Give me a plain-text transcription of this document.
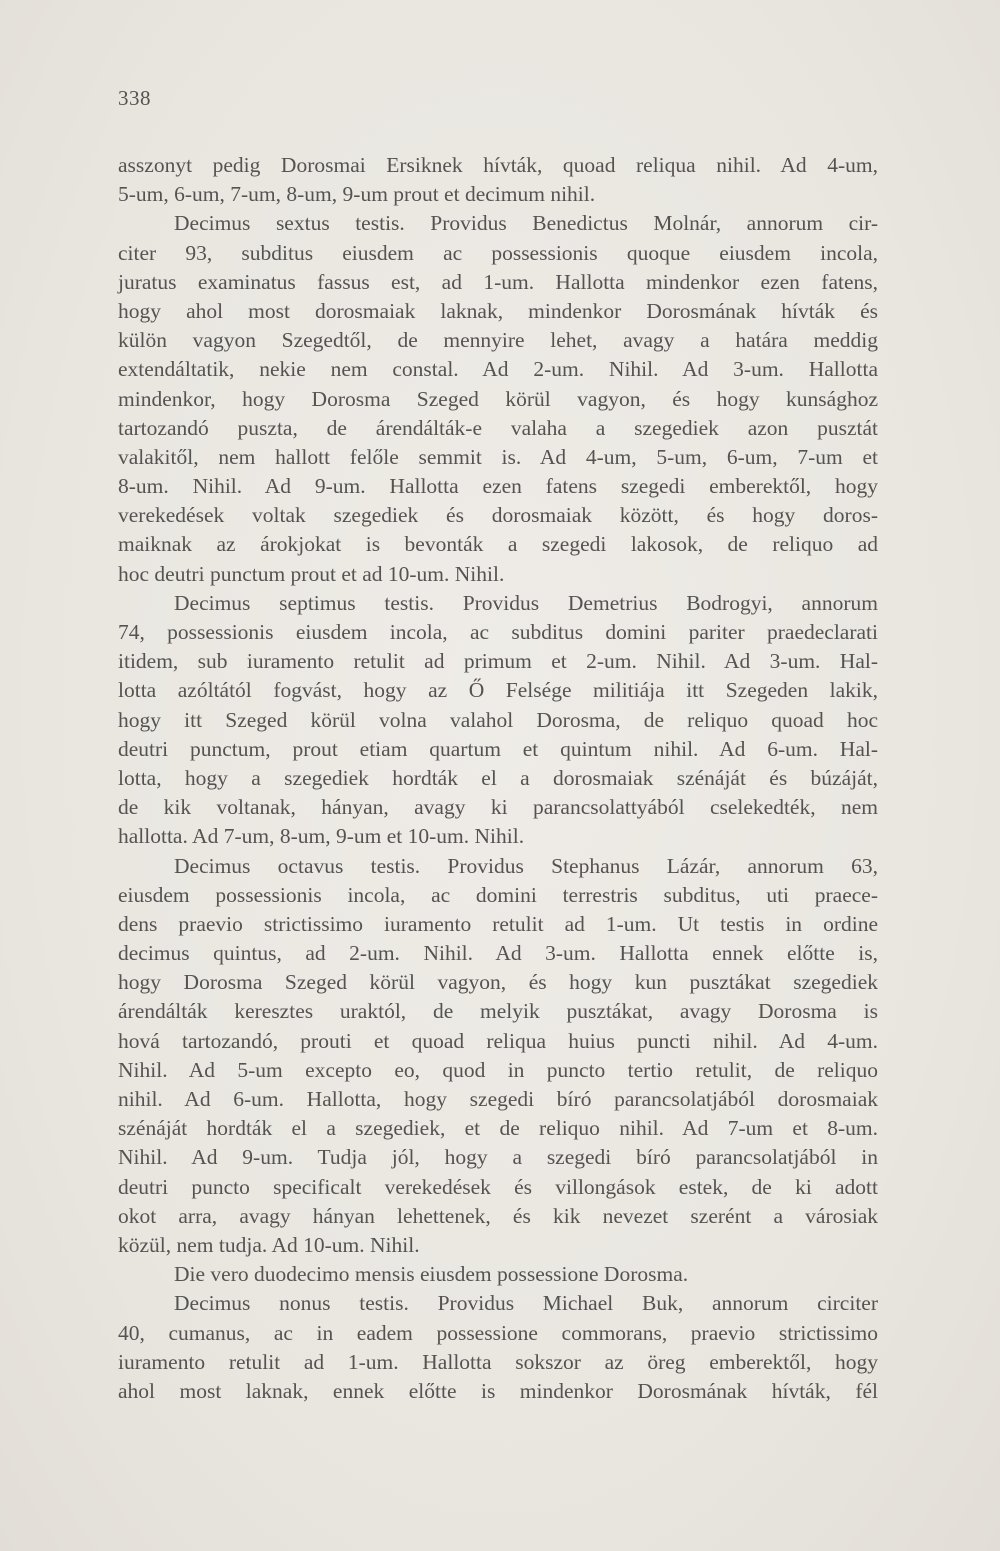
338
asszonyt pedig Dorosmai Ersiknek hívták, quoad reliqua nihil. Ad 4-um,
5-um, 6-um, 7-um, 8-um, 9-um prout et decimum nihil.
Decimus sextus testis. Providus Benedictus Molnár, annorum cir-
citer 93, subditus eiusdem ac possessionis quoque eiusdem incola,
juratus examinatus fassus est, ad 1-um. Hallotta mindenkor ezen fatens,
hogy ahol most dorosmaiak laknak, mindenkor Dorosmának hívták és
külön vagyon Szegedtől, de mennyire lehet, avagy a határa meddig
extendáltatik, nekie nem constal. Ad 2-um. Nihil. Ad 3-um. Hallotta
mindenkor, hogy Dorosma Szeged körül vagyon, és hogy kunsághoz
tartozandó puszta, de árendálták-e valaha a szegediek azon pusztát
valakitől, nem hallott felőle semmit is. Ad 4-um, 5-um, 6-um, 7-um et
8-um. Nihil. Ad 9-um. Hallotta ezen fatens szegedi emberektől, hogy
verekedések voltak szegediek és dorosmaiak között, és hogy doros-
maiknak az árokjokat is bevonták a szegedi lakosok, de reliquo ad
hoc deutri punctum prout et ad 10-um. Nihil.
Decimus septimus testis. Providus Demetrius Bodrogyi, annorum
74, possessionis eiusdem incola, ac subditus domini pariter praedeclarati
itidem, sub iuramento retulit ad primum et 2-um. Nihil. Ad 3-um. Hal-
lotta azóltától fogvást, hogy az Ő Felsége militiája itt Szegeden lakik,
hogy itt Szeged körül volna valahol Dorosma, de reliquo quoad hoc
deutri punctum, prout etiam quartum et quintum nihil. Ad 6-um. Hal-
lotta, hogy a szegediek hordták el a dorosmaiak szénáját és búzáját,
de kik voltanak, hányan, avagy ki parancsolattyából cselekedték, nem
hallotta. Ad 7-um, 8-um, 9-um et 10-um. Nihil.
Decimus octavus testis. Providus Stephanus Lázár, annorum 63,
eiusdem possessionis incola, ac domini terrestris subditus, uti praece-
dens praevio strictissimo iuramento retulit ad 1-um. Ut testis in ordine
decimus quintus, ad 2-um. Nihil. Ad 3-um. Hallotta ennek előtte is,
hogy Dorosma Szeged körül vagyon, és hogy kun pusztákat szegediek
árendálták keresztes uraktól, de melyik pusztákat, avagy Dorosma is
hová tartozandó, prouti et quoad reliqua huius puncti nihil. Ad 4-um.
Nihil. Ad 5-um excepto eo, quod in puncto tertio retulit, de reliquo
nihil. Ad 6-um. Hallotta, hogy szegedi bíró parancsolatjából dorosmaiak
szénáját hordták el a szegediek, et de reliquo nihil. Ad 7-um et 8-um.
Nihil. Ad 9-um. Tudja jól, hogy a szegedi bíró parancsolatjából in
deutri puncto specificalt verekedések és villongások estek, de ki adott
okot arra, avagy hányan lehettenek, és kik nevezet szerént a városiak
közül, nem tudja. Ad 10-um. Nihil.
Die vero duodecimo mensis eiusdem possessione Dorosma.
Decimus nonus testis. Providus Michael Buk, annorum circiter
40, cumanus, ac in eadem possessione commorans, praevio strictissimo
iuramento retulit ad 1-um. Hallotta sokszor az öreg emberektől, hogy
ahol most laknak, ennek előtte is mindenkor Dorosmának hívták, fél
